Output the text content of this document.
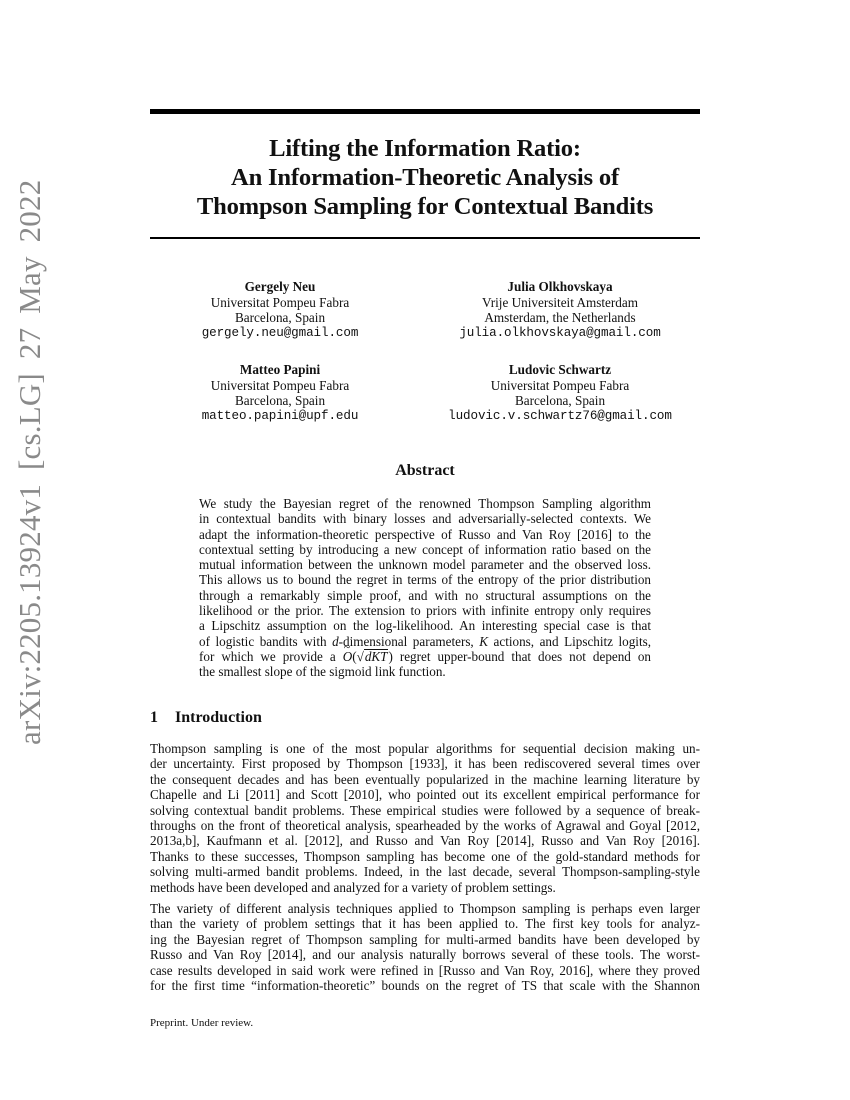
arXiv:2205.13924v1 [cs.LG] 27 May 2022
Lifting the Information Ratio:
An Information-Theoretic Analysis of
Thompson Sampling for Contextual Bandits
Gergely Neu
Universitat Pompeu Fabra
Barcelona, Spain
gergely.neu@gmail.com
Julia Olkhovskaya
Vrije Universiteit Amsterdam
Amsterdam, the Netherlands
julia.olkhovskaya@gmail.com
Matteo Papini
Universitat Pompeu Fabra
Barcelona, Spain
matteo.papini@upf.edu
Ludovic Schwartz
Universitat Pompeu Fabra
Barcelona, Spain
ludovic.v.schwartz76@gmail.com
Abstract
We study the Bayesian regret of the renowned Thompson Sampling algorithm
in contextual bandits with binary losses and adversarially-selected contexts. We
adapt the information-theoretic perspective of Russo and Van Roy [2016] to the
contextual setting by introducing a new concept of information ratio based on the
mutual information between the unknown model parameter and the observed loss.
This allows us to bound the regret in terms of the entropy of the prior distribution
through a remarkably simple proof, and with no structural assumptions on the
likelihood or the prior. The extension to priors with infinite entropy only requires
a Lipschitz assumption on the log-likelihood. An interesting special case is that
of logistic bandits with d-dimensional parameters, K actions, and Lipschitz logits,
for which we provide a ~ O(√dKT) regret upper-bound that does not depend on
the smallest slope of the sigmoid link function.
1 Introduction
Thompson sampling is one of the most popular algorithms for sequential decision making un-
der uncertainty. First proposed by Thompson [1933], it has been rediscovered several times over
the consequent decades and has been eventually popularized in the machine learning literature by
Chapelle and Li [2011] and Scott [2010], who pointed out its excellent empirical performance for
solving contextual bandit problems. These empirical studies were followed by a sequence of break-
throughs on the front of theoretical analysis, spearheaded by the works of Agrawal and Goyal [2012,
2013a,b], Kaufmann et al. [2012], and Russo and Van Roy [2014], Russo and Van Roy [2016].
Thanks to these successes, Thompson sampling has become one of the gold-standard methods for
solving multi-armed bandit problems. Indeed, in the last decade, several Thompson-sampling-style
methods have been developed and analyzed for a variety of problem settings.
The variety of different analysis techniques applied to Thompson sampling is perhaps even larger
than the variety of problem settings that it has been applied to. The first key tools for analyz-
ing the Bayesian regret of Thompson sampling for multi-armed bandits have been developed by
Russo and Van Roy [2014], and our analysis naturally borrows several of these tools. The worst-
case results developed in said work were refined in [Russo and Van Roy, 2016], where they proved
for the first time “information-theoretic” bounds on the regret of TS that scale with the Shannon
Preprint. Under review.
